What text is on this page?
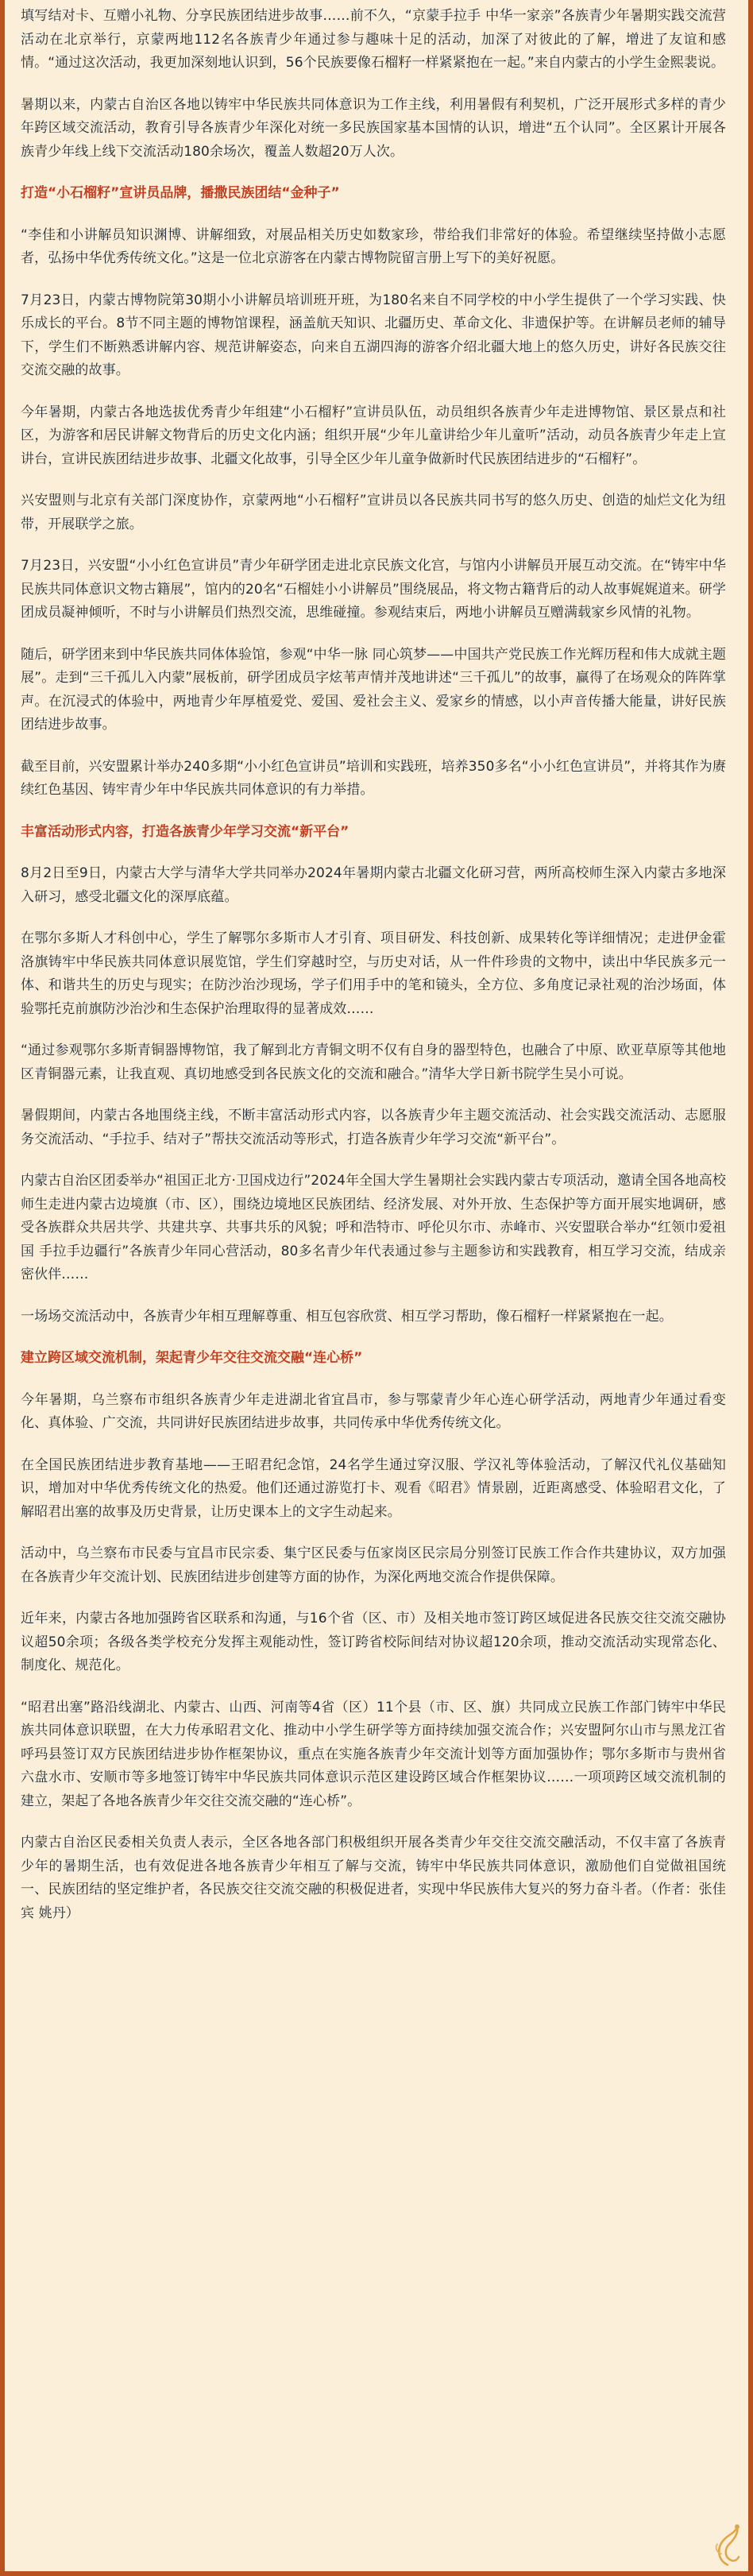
填写结对卡、互赠小礼物、分享民族团结进步故事……前不久，“京蒙手拉手 中华一家亲”各族青少年暑期实践交流营活动在北京举行，京蒙两地112名各族青少年通过参与趣味十足的活动，加深了对彼此的了解，增进了友谊和感情。“通过这次活动，我更加深刻地认识到，56个民族要像石榴籽一样紧紧抱在一起。”来自内蒙古的小学生金熙裴说。

暑期以来，内蒙古自治区各地以铸牢中华民族共同体意识为工作主线，利用暑假有利契机，广泛开展形式多样的青少年跨区域交流活动，教育引导各族青少年深化对统一多民族国家基本国情的认识，增进“五个认同”。全区累计开展各族青少年线上线下交流活动180余场次，覆盖人数超20万人次。

打造“小石榴籽”宣讲员品牌，播撒民族团结“金种子”

“李佳和小讲解员知识渊博、讲解细致，对展品相关历史如数家珍，带给我们非常好的体验。希望继续坚持做小志愿者，弘扬中华优秀传统文化。”这是一位北京游客在内蒙古博物院留言册上写下的美好祝愿。

7月23日，内蒙古博物院第30期小小讲解员培训班开班，为180名来自不同学校的中小学生提供了一个学习实践、快乐成长的平台。8节不同主题的博物馆课程，涵盖航天知识、北疆历史、革命文化、非遗保护等。在讲解员老师的辅导下，学生们不断熟悉讲解内容、规范讲解姿态，向来自五湖四海的游客介绍北疆大地上的悠久历史，讲好各民族交往交流交融的故事。

今年暑期，内蒙古各地选拔优秀青少年组建“小石榴籽”宣讲员队伍，动员组织各族青少年走进博物馆、景区景点和社区，为游客和居民讲解文物背后的历史文化内涵；组织开展“少年儿童讲给少年儿童听”活动，动员各族青少年走上宣讲台，宣讲民族团结进步故事、北疆文化故事，引导全区少年儿童争做新时代民族团结进步的“石榴籽”。

兴安盟则与北京有关部门深度协作，京蒙两地“小石榴籽”宣讲员以各民族共同书写的悠久历史、创造的灿烂文化为纽带，开展联学之旅。

7月23日，兴安盟“小小红色宣讲员”青少年研学团走进北京民族文化宫，与馆内小讲解员开展互动交流。在“铸牢中华民族共同体意识文物古籍展”，馆内的20名“石榴娃小小讲解员”围绕展品，将文物古籍背后的动人故事娓娓道来。研学团成员凝神倾听，不时与小讲解员们热烈交流，思维碰撞。参观结束后，两地小讲解员互赠满载家乡风情的礼物。

随后，研学团来到中华民族共同体体验馆，参观“中华一脉 同心筑梦——中国共产党民族工作光辉历程和伟大成就主题展”。走到“三千孤儿入内蒙”展板前，研学团成员字炫苇声情并茂地讲述“三千孤儿”的故事，赢得了在场观众的阵阵掌声。在沉浸式的体验中，两地青少年厚植爱党、爱国、爱社会主义、爱家乡的情感，以小声音传播大能量，讲好民族团结进步故事。

截至目前，兴安盟累计举办240多期“小小红色宣讲员”培训和实践班，培养350多名“小小红色宣讲员”，并将其作为赓续红色基因、铸牢青少年中华民族共同体意识的有力举措。

丰富活动形式内容，打造各族青少年学习交流“新平台”

8月2日至9日，内蒙古大学与清华大学共同举办2024年暑期内蒙古北疆文化研习营，两所高校师生深入内蒙古多地深入研习，感受北疆文化的深厚底蕴。

在鄂尔多斯人才科创中心，学生了解鄂尔多斯市人才引育、项目研发、科技创新、成果转化等详细情况；走进伊金霍洛旗铸牢中华民族共同体意识展览馆，学生们穿越时空，与历史对话，从一件件珍贵的文物中，读出中华民族多元一体、和谐共生的历史与现实；在防沙治沙现场，学子们用手中的笔和镜头，全方位、多角度记录社观的治沙场面，体验鄂托克前旗防沙治沙和生态保护治理取得的显著成效……

“通过参观鄂尔多斯青铜器博物馆，我了解到北方青铜文明不仅有自身的器型特色，也融合了中原、欧亚草原等其他地区青铜器元素，让我直观、真切地感受到各民族文化的交流和融合。”清华大学日新书院学生吴小可说。

暑假期间，内蒙古各地围绕主线，不断丰富活动形式内容，以各族青少年主题交流活动、社会实践交流活动、志愿服务交流活动、“手拉手、结对子”帮扶交流活动等形式，打造各族青少年学习交流“新平台”。

内蒙古自治区团委举办“祖国正北方·卫国戍边行”2024年全国大学生暑期社会实践内蒙古专项活动，邀请全国各地高校师生走进内蒙古边境旗（市、区），围绕边境地区民族团结、经济发展、对外开放、生态保护等方面开展实地调研，感受各族群众共居共学、共建共享、共事共乐的风貌；呼和浩特市、呼伦贝尔市、赤峰市、兴安盟联合举办“红领巾爱祖国 手拉手边疆行”各族青少年同心营活动，80多名青少年代表通过参与主题参访和实践教育，相互学习交流，结成亲密伙伴……

一场场交流活动中，各族青少年相互理解尊重、相互包容欣赏、相互学习帮助，像石榴籽一样紧紧抱在一起。

建立跨区域交流机制，架起青少年交往交流交融“连心桥”

今年暑期，乌兰察布市组织各族青少年走进湖北省宜昌市，参与鄂蒙青少年心连心研学活动，两地青少年通过看变化、真体验、广交流，共同讲好民族团结进步故事，共同传承中华优秀传统文化。

在全国民族团结进步教育基地——王昭君纪念馆，24名学生通过穿汉服、学汉礼等体验活动，了解汉代礼仪基础知识，增加对中华优秀传统文化的热爱。他们还通过游览打卡、观看《昭君》情景剧，近距离感受、体验昭君文化，了解昭君出塞的故事及历史背景，让历史课本上的文字生动起来。

活动中，乌兰察布市民委与宜昌市民宗委、集宁区民委与伍家岗区民宗局分别签订民族工作合作共建协议，双方加强在各族青少年交流计划、民族团结进步创建等方面的协作，为深化两地交流合作提供保障。

近年来，内蒙古各地加强跨省区联系和沟通，与16个省（区、市）及相关地市签订跨区域促进各民族交往交流交融协议超50余项；各级各类学校充分发挥主观能动性，签订跨省校际间结对协议超120余项，推动交流活动实现常态化、制度化、规范化。

“昭君出塞”路沿线湖北、内蒙古、山西、河南等4省（区）11个县（市、区、旗）共同成立民族工作部门铸牢中华民族共同体意识联盟，在大力传承昭君文化、推动中小学生研学等方面持续加强交流合作；兴安盟阿尔山市与黑龙江省呼玛县签订双方民族团结进步协作框架协议，重点在实施各族青少年交流计划等方面加强协作；鄂尔多斯市与贵州省六盘水市、安顺市等多地签订铸牢中华民族共同体意识示范区建设跨区域合作框架协议……一项项跨区域交流机制的建立，架起了各地各族青少年交往交流交融的“连心桥”。

内蒙古自治区民委相关负责人表示，全区各地各部门积极组织开展各类青少年交往交流交融活动，不仅丰富了各族青少年的暑期生活，也有效促进各地各族青少年相互了解与交流，铸牢中华民族共同体意识，激励他们自觉做祖国统一、民族团结的坚定维护者，各民族交往交流交融的积极促进者，实现中华民族伟大复兴的努力奋斗者。（作者：张佳宾 姚丹）
